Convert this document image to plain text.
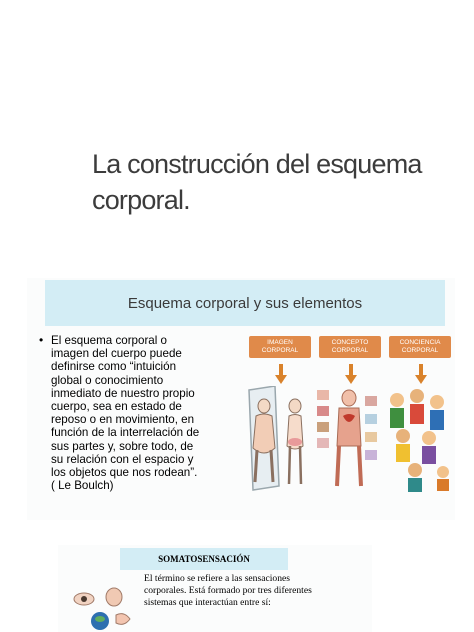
La construcción del esquema
corporal.
Esquema corporal y sus elementos
• El esquema corporal o
imagen del cuerpo puede
definirse como “intuición
global o conocimiento
inmediato de nuestro propio
cuerpo, sea en estado de
reposo o en movimiento, en
función de la interrelación de
sus partes y, sobre todo, de
su relación con el espacio y
los objetos que nos rodean”.
( Le Boulch)
IMAGEN
CORPORAL
CONCEPTO
CORPORAL
CONCIENCIA
CORPORAL
SOMATOSENSACIÓN
El término se refiere a las sensaciones
corporales. Está formado por tres diferentes
sistemas que interactúan entre sí:
